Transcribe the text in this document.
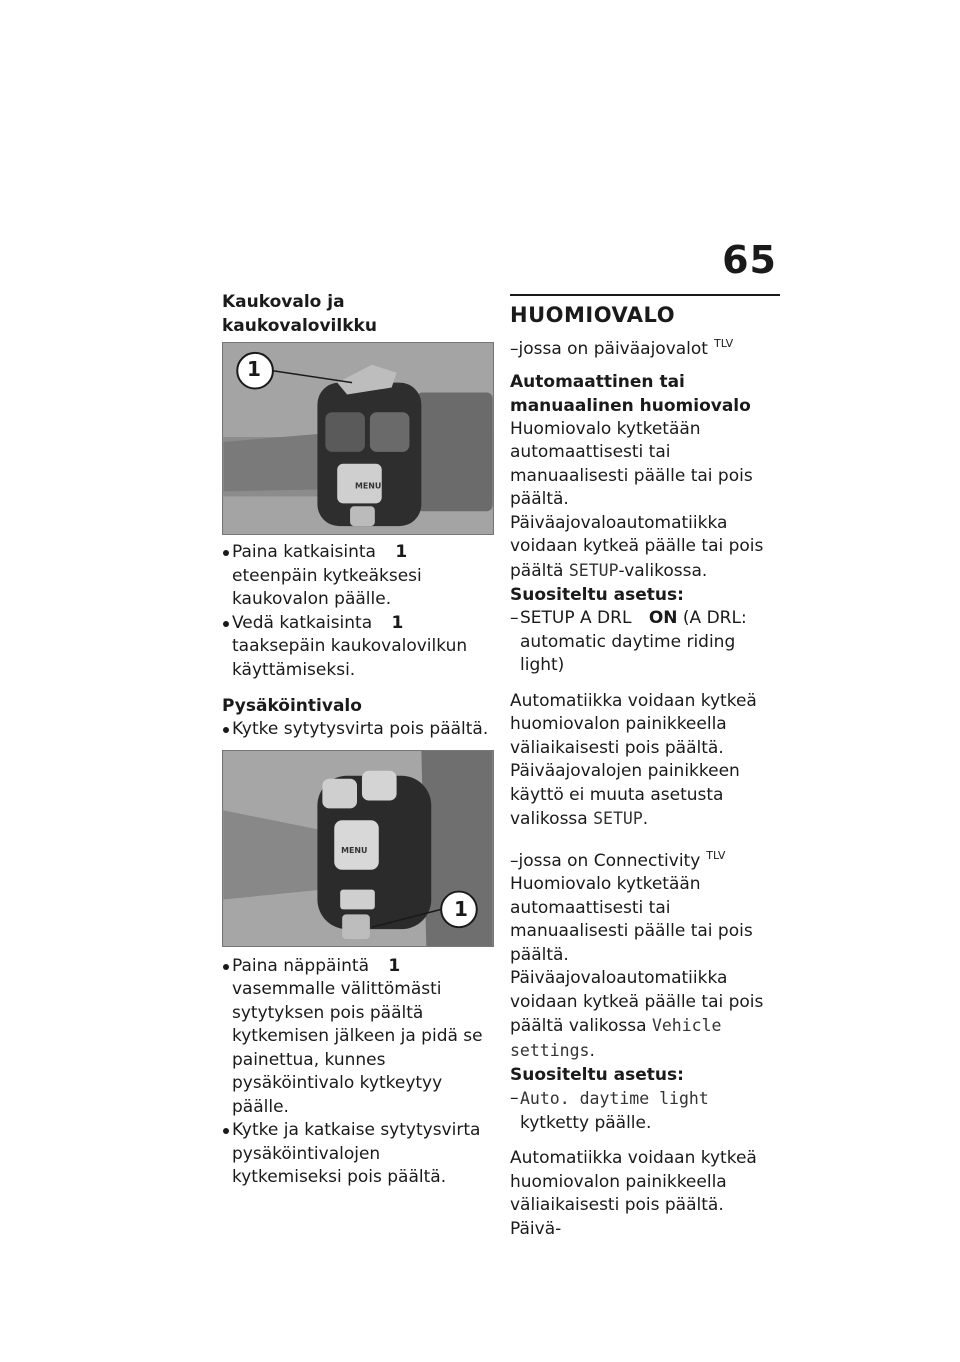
65
Kaukovalo ja kaukovalovilkku
MENU
1
Paina katkaisinta 1 eteenpäin kytkeäksesi kaukovalon päälle.
Vedä katkaisinta 1 taaksepäin kaukovalovilkun käyttämiseksi.
Pysäköintivalo
Kytke sytytysvirta pois päältä.
MENU
1
Paina näppäintä 1 vasemmalle välittömästi sytytyksen pois päältä kytkemisen jälkeen ja pidä se painettua, kunnes pysäköintivalo kytkeytyy päälle.
Kytke ja katkaise sytytysvirta pysäköintivalojen kytkemiseksi pois päältä.
HUOMIOVALO
–jossa on päiväajovalot $^{TLV}$
Automaattinen tai manuaalinen huomiovalo
Huomiovalo kytketään automaattisesti tai manuaalisesti päälle tai pois päältä.
Päiväajovaloautomatiikka voidaan kytkeä päälle tai pois päältä SETUP-valikossa.
Suositeltu asetus:
– SETUP A DRL ON (A DRL: automatic daytime riding light)
Automatiikka voidaan kytkeä huomiovalon painikkeella väliaikaisesti pois päältä. Päiväajovalojen painikkeen käyttö ei muuta asetusta valikossa SETUP.
–jossa on Connectivity $^{TLV}$
Huomiovalo kytketään automaattisesti tai manuaalisesti päälle tai pois päältä.
Päiväajovaloautomatiikka voidaan kytkeä päälle tai pois päältä valikossa Vehicle settings.
Suositeltu asetus:
– Auto. daytime light kytketty päälle.
Automatiikka voidaan kytkeä huomiovalon painikkeella väliaikaisesti pois päältä. Päivä-
